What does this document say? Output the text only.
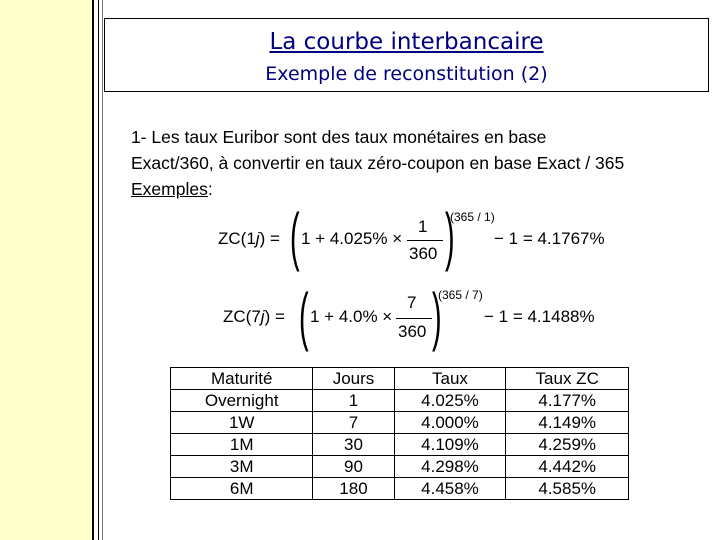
La courbe interbancaire
Exemple de reconstitution (2)
1- Les taux Euribor sont des taux monétaires en base
Exact/360, à convertir en taux zéro-coupon en base Exact / 365
Exemples:
ZC(1j) = ( 1 + 4.025% ×
1
360 )
(365 / 1)
− 1 = 4.1767%
ZC(7j) = ( 1 + 4.0% ×
7
360 )
(365 / 7)
− 1 = 4.1488%
Maturité	Jours	Taux	Taux ZC
Overnight	1	4.025%	4.177%
1W	7	4.000%	4.149%
1M	30	4.109%	4.259%
3M	90	4.298%	4.442%
6M	180	4.458%	4.585%
